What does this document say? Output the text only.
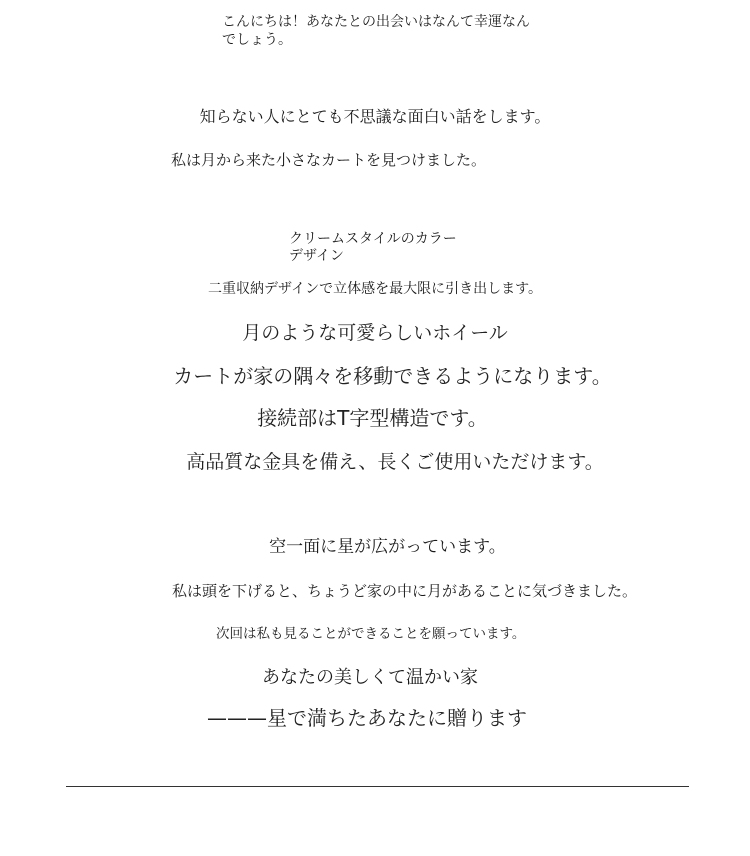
こんにちは！あなたとの出会いはなんて幸運なんでしょう。
知らない人にとても不思議な面白い話をします。
私は月から来た小さなカートを見つけました。
クリームスタイルのカラーデザイン
二重収納デザインで立体感を最大限に引き出します。
月のような可愛らしいホイール
カートが家の隅々を移動できるようになります。
接続部はT字型構造です。
高品質な金具を備え、長くご使用いただけます。
空一面に星が広がっています。
私は頭を下げると、ちょうど家の中に月があることに気づきました。
次回は私も見ることができることを願っています。
あなたの美しくて温かい家
———星で満ちたあなたに贈ります
